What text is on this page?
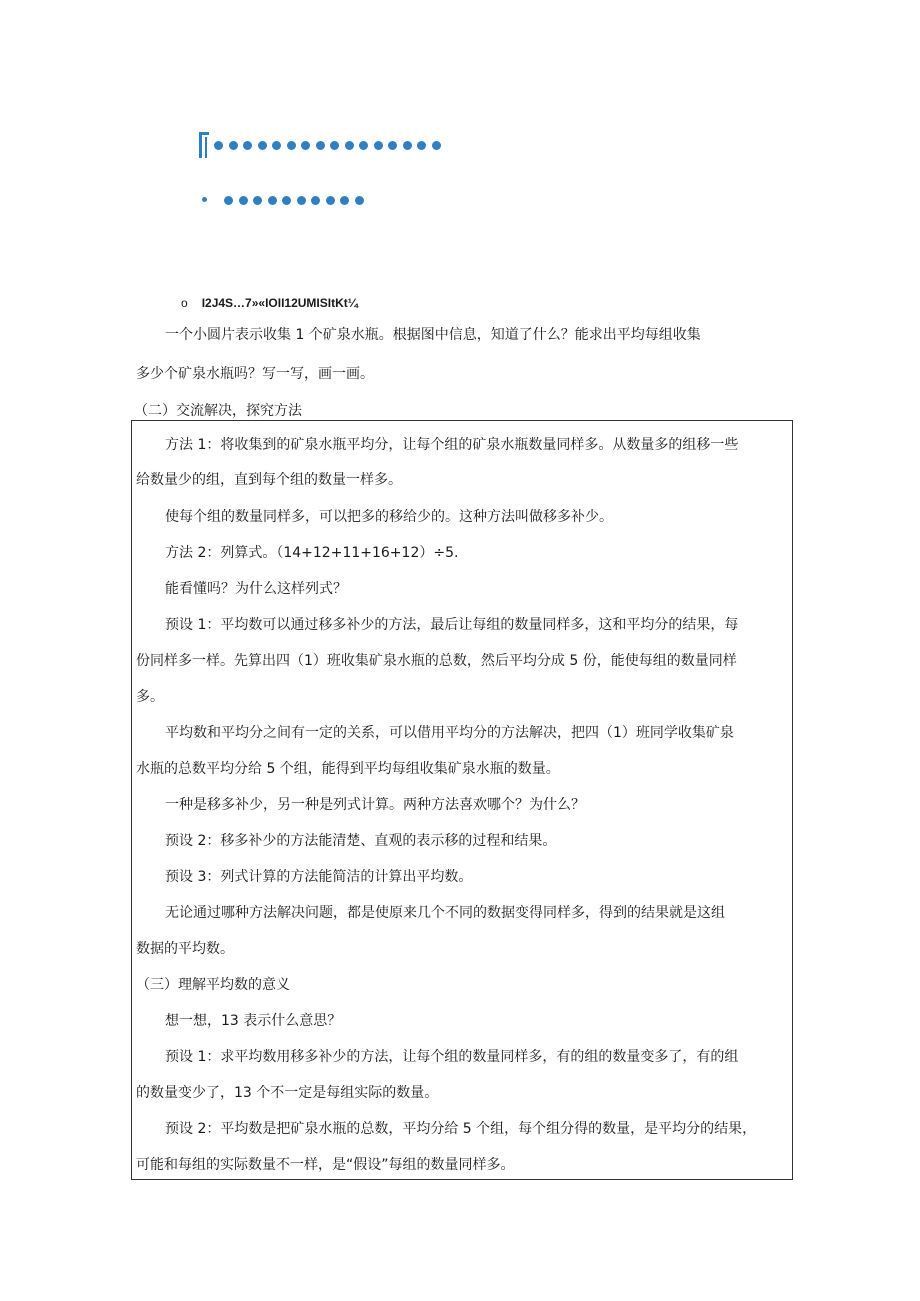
o I2J4S…7»«IOII12UMISItKt¼
一个小圆片表示收集 1 个矿泉水瓶。根据图中信息，知道了什么？能求出平均每组收集
多少个矿泉水瓶吗？写一写，画一画。
（二）交流解决，探究方法
方法 1：将收集到的矿泉水瓶平均分，让每个组的矿泉水瓶数量同样多。从数量多的组移一些
给数量少的组，直到每个组的数量一样多。
使每个组的数量同样多，可以把多的移给少的。这种方法叫做移多补少。
方法 2：列算式。（14+12+11+16+12）÷5.
能看懂吗？为什么这样列式？
预设 1：平均数可以通过移多补少的方法，最后让每组的数量同样多，这和平均分的结果，每
份同样多一样。先算出四（1）班收集矿泉水瓶的总数，然后平均分成 5 份，能使每组的数量同样
多。
平均数和平均分之间有一定的关系，可以借用平均分的方法解决，把四（1）班同学收集矿泉
水瓶的总数平均分给 5 个组，能得到平均每组收集矿泉水瓶的数量。
一种是移多补少，另一种是列式计算。两种方法喜欢哪个？为什么？
预设 2：移多补少的方法能清楚、直观的表示移的过程和结果。
预设 3：列式计算的方法能简洁的计算出平均数。
无论通过哪种方法解决问题，都是使原来几个不同的数据变得同样多，得到的结果就是这组
数据的平均数。
（三）理解平均数的意义
想一想，13 表示什么意思？
预设 1：求平均数用移多补少的方法，让每个组的数量同样多，有的组的数量变多了，有的组
的数量变少了，13 个不一定是每组实际的数量。
预设 2：平均数是把矿泉水瓶的总数，平均分给 5 个组，每个组分得的数量，是平均分的结果，
可能和每组的实际数量不一样，是“假设”每组的数量同样多。
